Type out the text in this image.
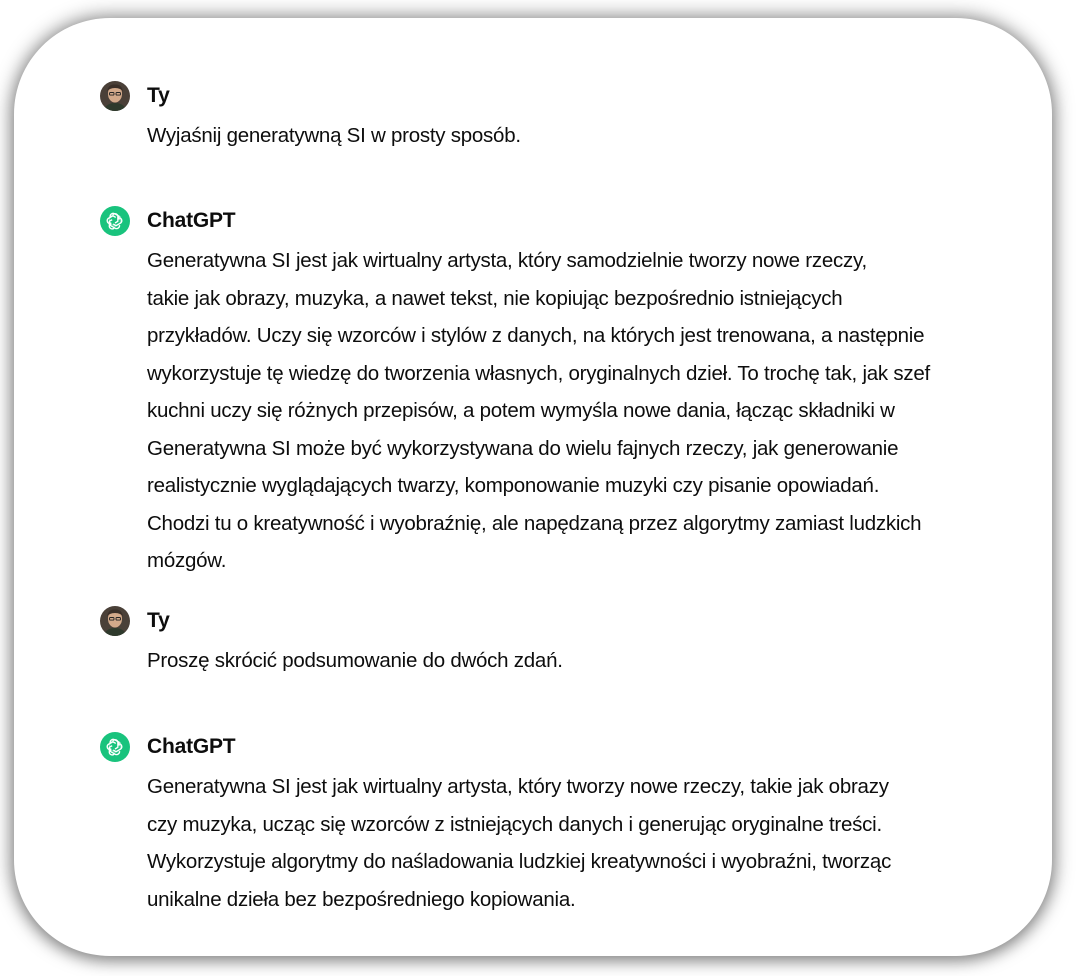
Ty
Wyjaśnij generatywną SI w prosty sposób.
ChatGPT
Generatywna SI jest jak wirtualny artysta, który samodzielnie tworzy nowe rzeczy,
takie jak obrazy, muzyka, a nawet tekst, nie kopiując bezpośrednio istniejących
przykładów. Uczy się wzorców i stylów z danych, na których jest trenowana, a następnie
wykorzystuje tę wiedzę do tworzenia własnych, oryginalnych dzieł. To trochę tak, jak szef
kuchni uczy się różnych przepisów, a potem wymyśla nowe dania, łącząc składniki w
Generatywna SI może być wykorzystywana do wielu fajnych rzeczy, jak generowanie
realistycznie wyglądających twarzy, komponowanie muzyki czy pisanie opowiadań.
Chodzi tu o kreatywność i wyobraźnię, ale napędzaną przez algorytmy zamiast ludzkich
mózgów.
Ty
Proszę skrócić podsumowanie do dwóch zdań.
ChatGPT
Generatywna SI jest jak wirtualny artysta, który tworzy nowe rzeczy, takie jak obrazy
czy muzyka, ucząc się wzorców z istniejących danych i generując oryginalne treści.
Wykorzystuje algorytmy do naśladowania ludzkiej kreatywności i wyobraźni, tworząc
unikalne dzieła bez bezpośredniego kopiowania.
